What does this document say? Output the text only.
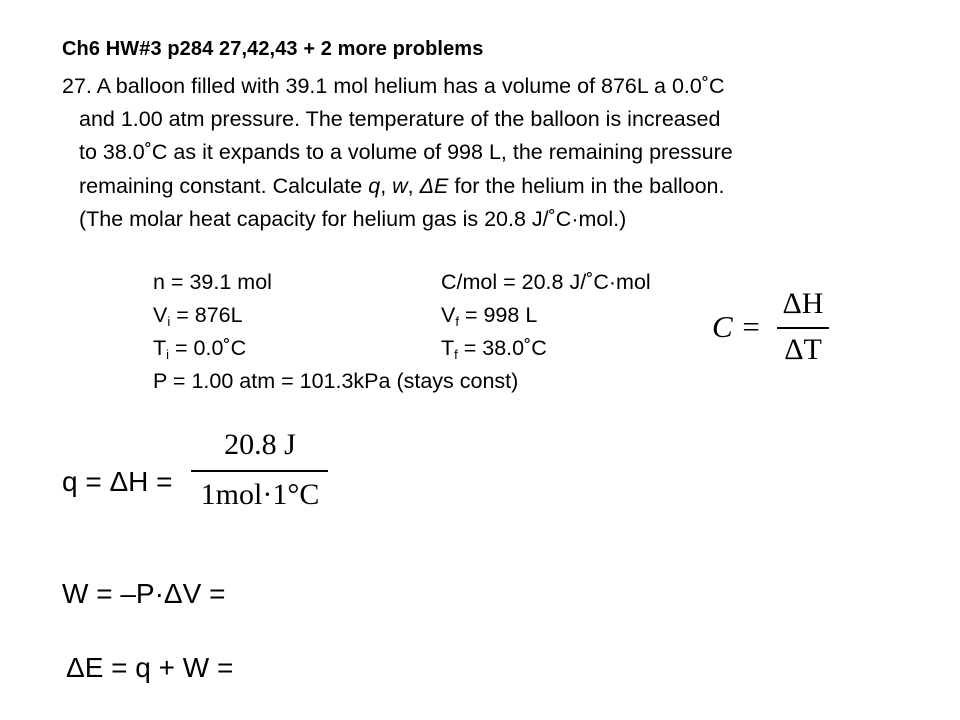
Ch6 HW#3 p284 27,42,43 + 2 more problems
27. A balloon filled with 39.1 mol helium has a volume of 876L a 0.0˚C
and 1.00 atm pressure. The temperature of the balloon is increased
to 38.0˚C as it expands to a volume of 998 L, the remaining pressure
remaining constant. Calculate q, w, ΔE for the helium in the balloon.
(The molar heat capacity for helium gas is 20.8 J/˚C·mol.)
n = 39.1 mol	C/mol = 20.8 J/˚C·mol
$V_i = 876L$	$V_f = 998$ L
$T_i$ = 0.0˚C	$T_f$ = 38.0˚C
P = 1.00 atm = 101.3kPa (stays const)
C =
ΔH
ΔT
q = ΔH =
20.8 J
1mol·1°C
W = –P·ΔV =
ΔE = q + W =
